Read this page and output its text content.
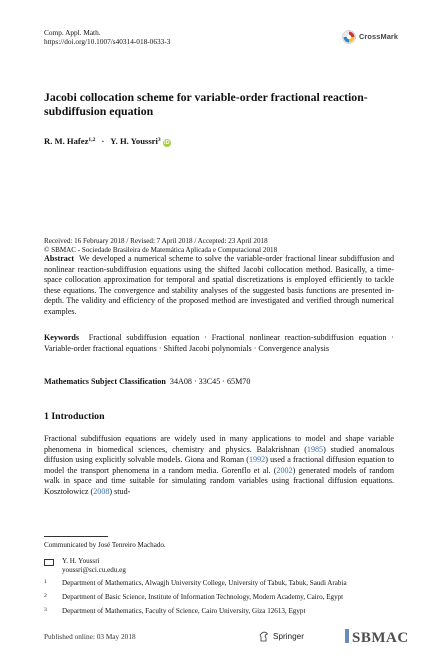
Comp. Appl. Math.
https://doi.org/10.1007/s40314-018-0633-3
CrossMark
Jacobi collocation scheme for variable-order fractional reaction-subdiffusion equation
R. M. Hafez$^{1,2}$ · Y. H. Youssri$^3$ iD
Received: 16 February 2018 / Revised: 7 April 2018 / Accepted: 23 April 2018
© SBMAC - Sociedade Brasileira de Matemática Aplicada e Computacional 2018
Abstract We developed a numerical scheme to solve the variable-order fractional linear subdiffusion and nonlinear reaction-subdiffusion equations using the shifted Jacobi collocation method. Basically, a time-space collocation approximation for temporal and spatial discretizations is employed efficiently to tackle these equations. The convergence and stability analyses of the suggested basis functions are presented in-depth. The validity and efficiency of the proposed method are investigated and verified through numerical examples.
Keywords Fractional subdiffusion equation · Fractional nonlinear reaction-subdiffusion equation · Variable-order fractional equations · Shifted Jacobi polynomials · Convergence analysis
Mathematics Subject Classification 34A08 · 33C45 · 65M70
1 Introduction
Fractional subdiffusion equations are widely used in many applications to model and shape variable phenomena in biomedical sciences, chemistry and physics. Balakrishnan (1985) studied anomalous diffusion using explicitly solvable models. Giona and Roman (1992) used a fractional diffusion equation to model the transport phenomena in a random media. Gorenflo et al. (2002) generated models of random walk in space and time suitable for simulating random variables using fractional diffusion equations. Kosztołowicz (2008) stud-
Communicated by José Tenreiro Machado.
Y. H. Youssri
youssri@sci.cu.edu.eg
1 Department of Mathematics, Alwagjh University College, University of Tabuk, Tabuk, Saudi Arabia
2 Department of Basic Science, Institute of Information Technology, Modern Academy, Cairo, Egypt
3 Department of Mathematics, Faculty of Science, Cairo University, Giza 12613, Egypt
Published online: 03 May 2018	Springer	SBMAC
